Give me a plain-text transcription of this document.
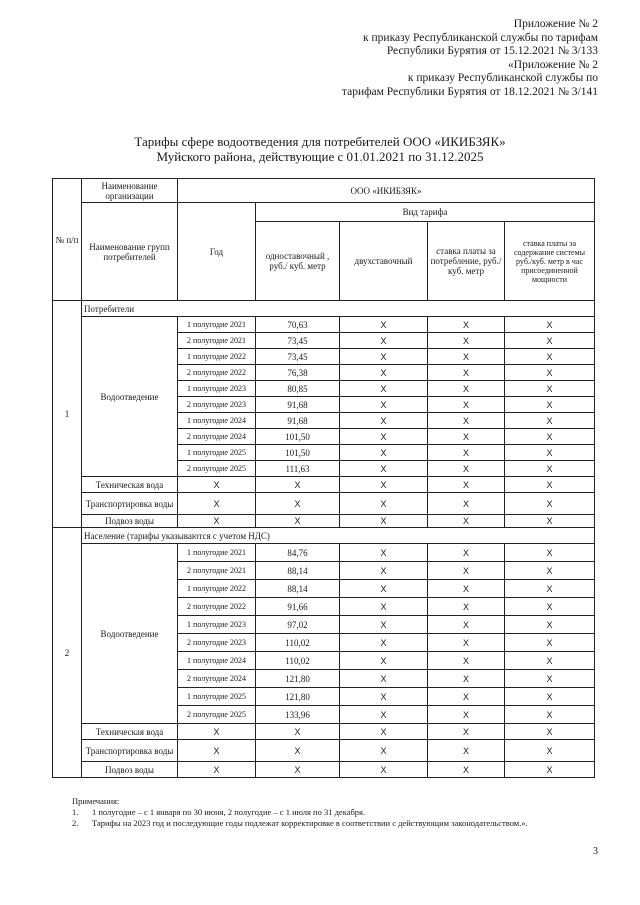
Приложение № 2
к приказу Республиканской службы по тарифам
Республики Бурятия от 15.12.2021 № 3/133
«Приложение № 2
к приказу Республиканской службы по
тарифам Республики Бурятия от 18.12.2021 № 3/141
Тарифы сфере водоотведения для потребителей ООО «ИКИБЗЯК»
Муйского района, действующие с 01.01.2021 по 31.12.2025
№ п/п	Наименование организации	ООО «ИКИБЗЯК»				
	Наименование групп потребителей	Год	Вид тарифа			
			одноставочный , руб./ куб. метр	двухставочный	ставка платы за потребление, руб./ куб. метр	ставка платы за содержание системы руб./куб. метр в час присоединенной мощности
1	Потребители					
	Водоотведение	1 полугодие 2021	70,63	X	X	X
		2 полугодие 2021	73,45	X	X	X
		1 полугодие 2022	73,45	X	X	X
		2 полугодие 2022	76,38	X	X	X
		1 полугодие 2023	80,85	X	X	X
		2 полугодие 2023	91,68	X	X	X
		1 полугодие 2024	91,68	X	X	X
		2 полугодие 2024	101,50	X	X	X
		1 полугодие 2025	101,50	X	X	X
		2 полугодие 2025	111,63	X	X	X
	Техническая вода	X	X	X	X	X
	Транспортировка воды	X	X	X	X	X
	Подвоз воды	X	X	X	X	X
2	Население (тарифы указываются с учетом НДС)					
	Водоотведение	1 полугодие 2021	84,76	X	X	X
		2 полугодие 2021	88,14	X	X	X
		1 полугодие 2022	88,14	X	X	X
		2 полугодие 2022	91,66	X	X	X
		1 полугодие 2023	97,02	X	X	X
		2 полугодие 2023	110,02	X	X	X
		1 полугодие 2024	110,02	X	X	X
		2 полугодие 2024	121,80	X	X	X
		1 полугодие 2025	121,80	X	X	X
		2 полугодие 2025	133,96	X	X	X
	Техническая вода	X	X	X	X	X
	Транспортировка воды	X	X	X	X	X
	Подвоз воды	X	X	X	X	X
Примечания:
1.	1 полугодие – с 1 января по 30 июня, 2 полугодие – с 1 июля по 31 декабря.
2.	Тарифы на 2023 год и последующие годы подлежат корректировке в соответствии с действующим законодательством.».
3
